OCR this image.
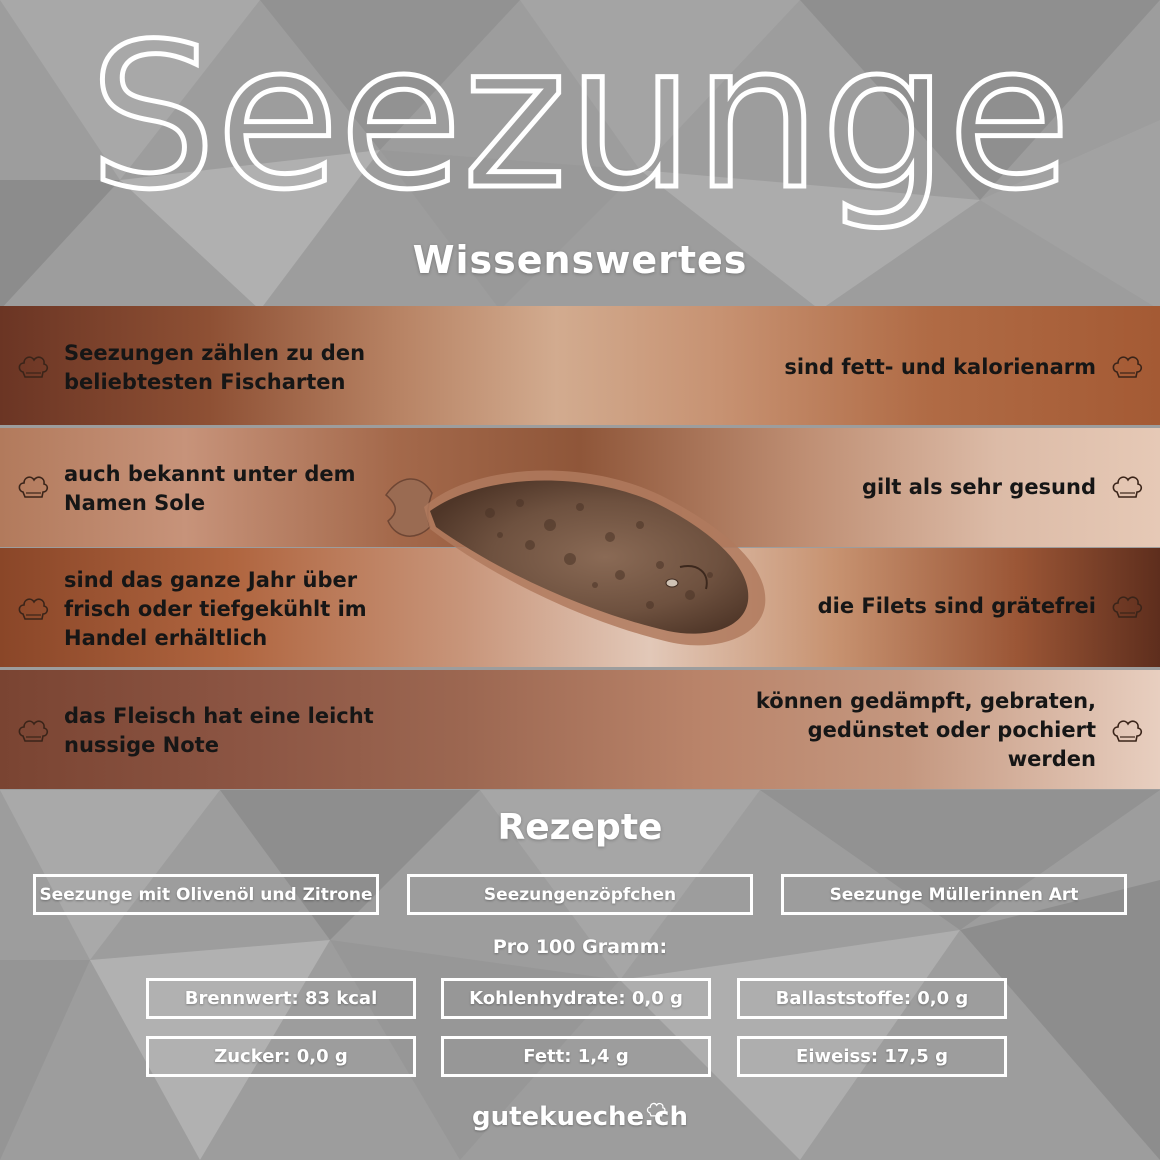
Seezunge
Wissenswertes
Seezungen zählen zu den beliebtesten Fischarten
auch bekannt unter dem Namen Sole
sind das ganze Jahr über frisch oder tiefgekühlt im Handel erhältlich
das Fleisch hat eine leicht nussige Note
sind fett- und kalorienarm
gilt als sehr gesund
die Filets sind grätefrei
können gedämpft, gebraten, gedünstet oder pochiert werden
Rezepte
Seezunge mit Olivenöl und Zitrone	Seezungenzöpfchen	Seezunge Müllerinnen Art
Pro 100 Gramm:
Brennwert: 83 kcal	Kohlenhydrate: 0,0 g	Ballaststoffe: 0,0 g
Zucker: 0,0 g	Fett: 1,4 g	Eiweiss: 17,5 g
gutekueche.ch
